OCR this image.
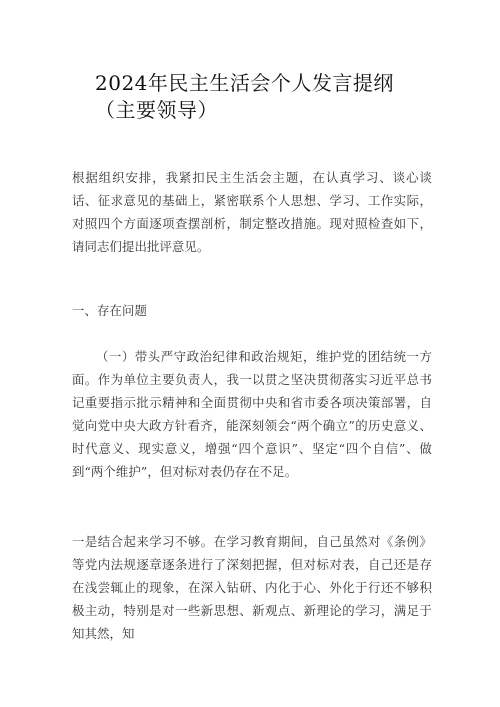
2024年民主生活会个人发言提纲（主要领导）
根据组织安排，我紧扣民主生活会主题，在认真学习、谈心谈话、征求意见的基础上，紧密联系个人思想、学习、工作实际，对照四个方面逐项查摆剖析，制定整改措施。现对照检查如下，请同志们提出批评意见。
一、存在问题
（一）带头严守政治纪律和政治规矩，维护党的团结统一方面。作为单位主要负责人，我一以贯之坚决贯彻落实习近平总书记重要指示批示精神和全面贯彻中央和省市委各项决策部署，自觉向党中央大政方针看齐，能深刻领会“两个确立”的历史意义、时代意义、现实意义，增强“四个意识”、坚定“四个自信”、做到“两个维护”，但对标对表仍存在不足。
一是结合起来学习不够。在学习教育期间，自己虽然对《条例》等党内法规逐章逐条进行了深刻把握，但对标对表，自己还是存在浅尝辄止的现象，在深入钻研、内化于心、外化于行还不够积极主动，特别是对一些新思想、新观点、新理论的学习，满足于知其然，知
